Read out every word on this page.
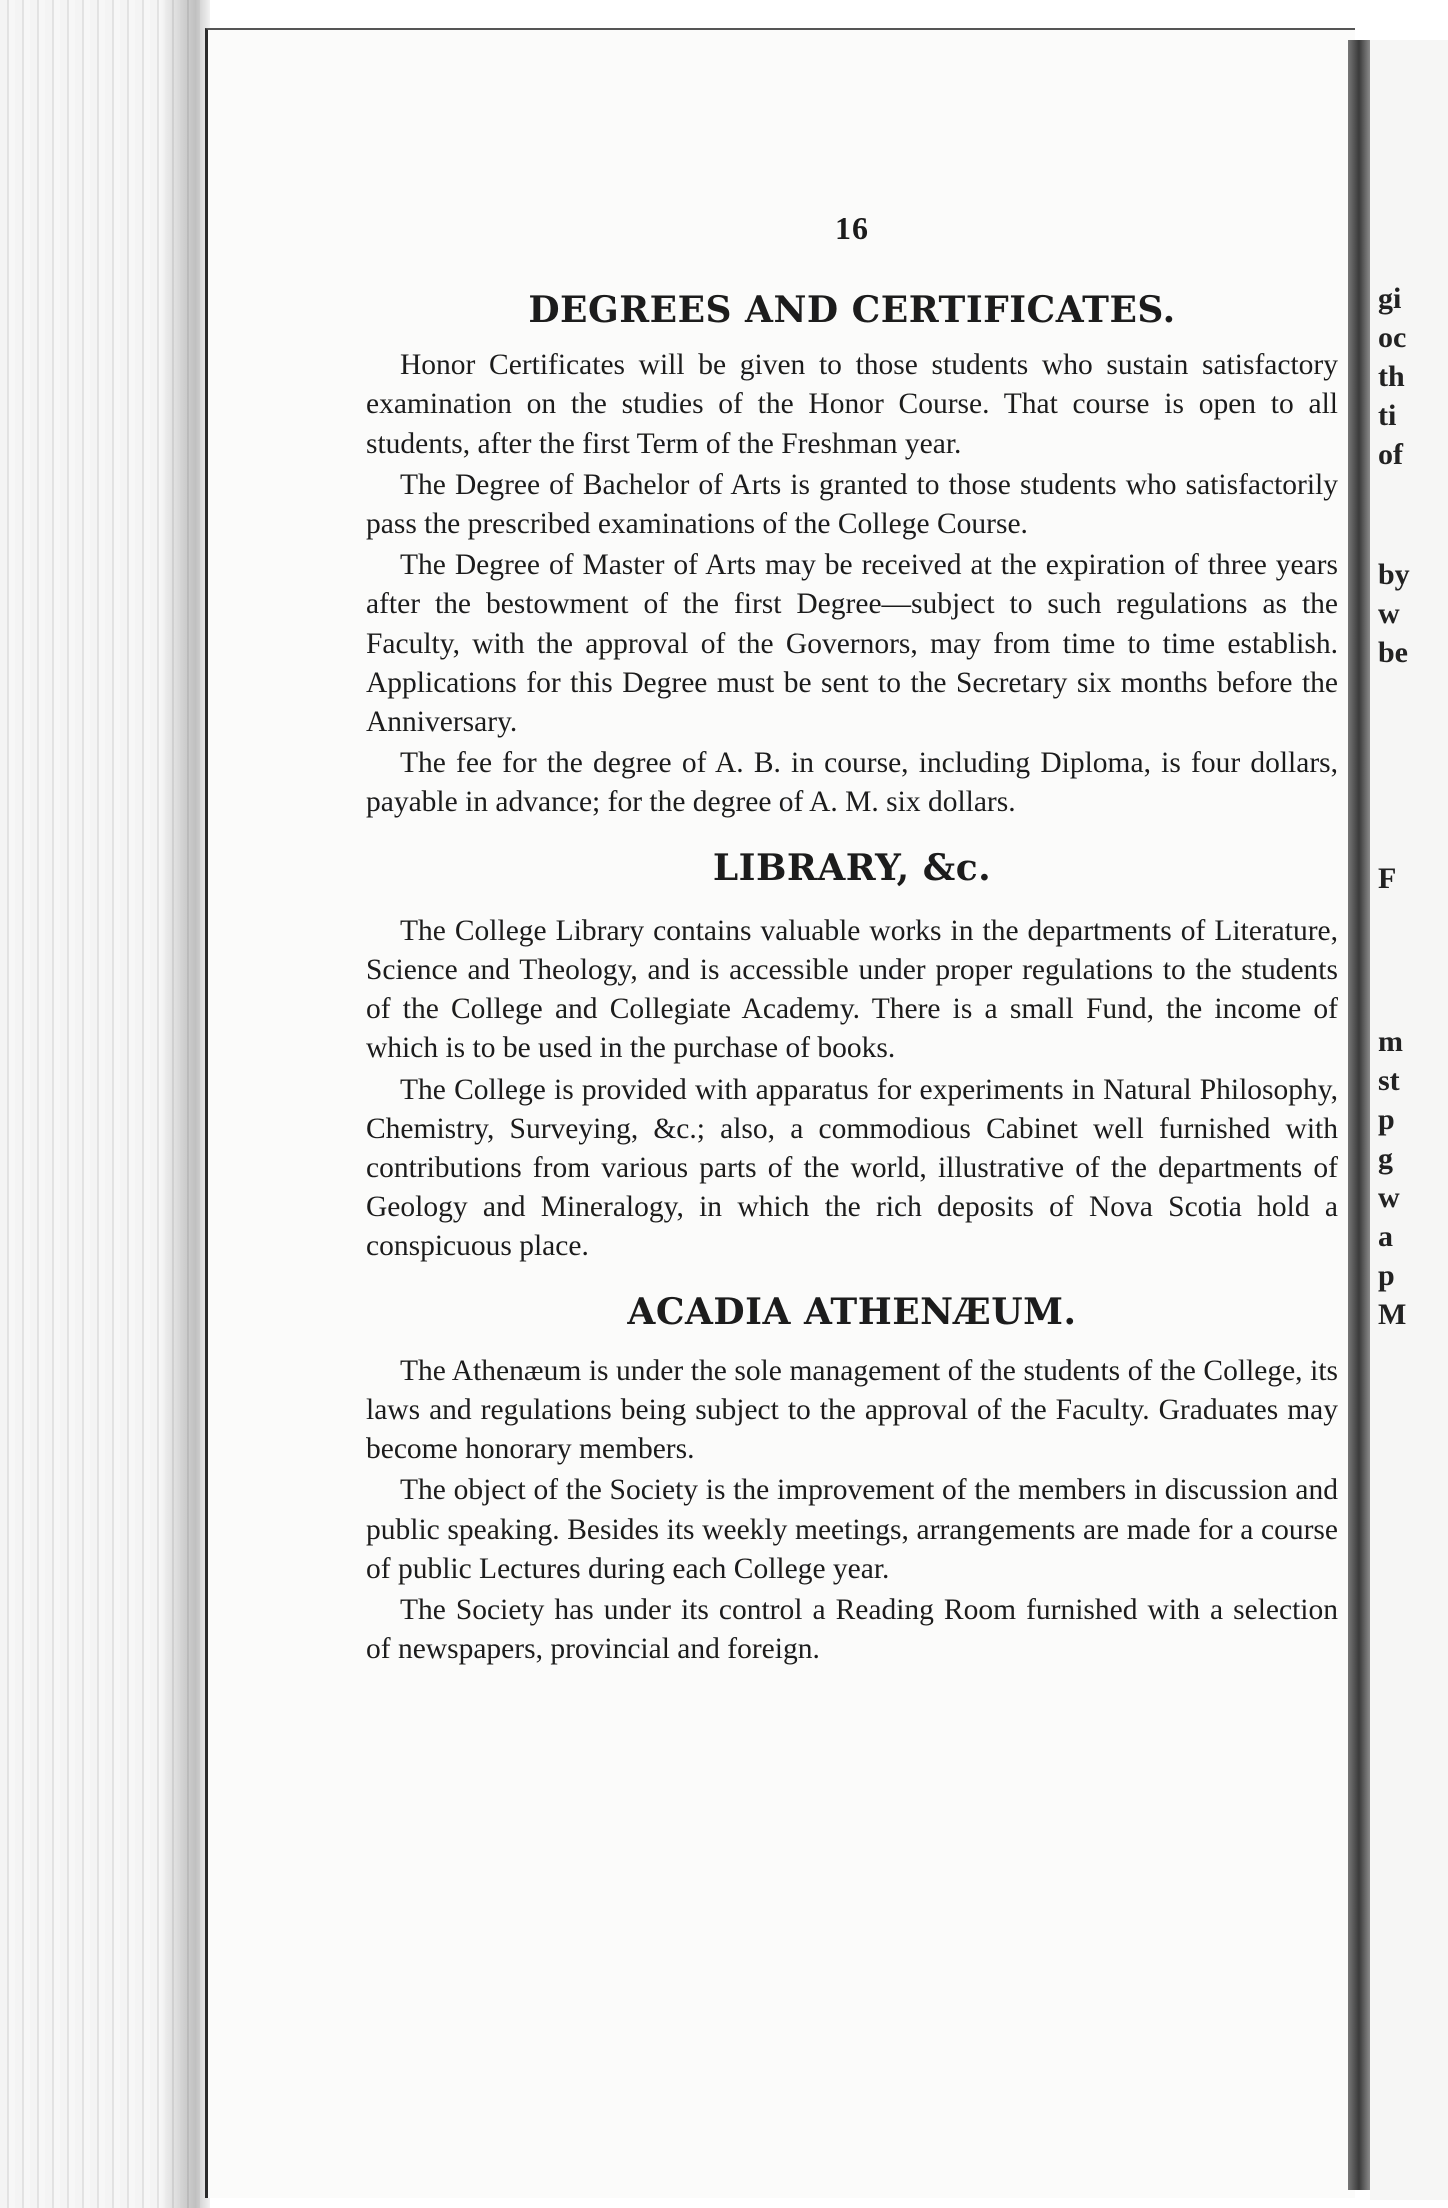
gi
oc
th
ti
of
by
w
be
F
m
st
p
g
w
a
p
M
16
DEGREES AND CERTIFICATES.

Honor Certificates will be given to those students who sustain satisfactory examination on the studies of the Honor Course. That course is open to all students, after the first Term of the Freshman year.

The Degree of Bachelor of Arts is granted to those students who satisfactorily pass the prescribed examinations of the College Course.

The Degree of Master of Arts may be received at the expiration of three years after the bestowment of the first Degree—subject to such regulations as the Faculty, with the approval of the Governors, may from time to time establish. Applications for this Degree must be sent to the Secretary six months before the Anniversary.

The fee for the degree of A. B. in course, including Diploma, is four dollars, payable in advance; for the degree of A. M. six dollars.

LIBRARY, &c.

The College Library contains valuable works in the departments of Literature, Science and Theology, and is accessible under proper regulations to the students of the College and Collegiate Academy. There is a small Fund, the income of which is to be used in the purchase of books.

The College is provided with apparatus for experiments in Natural Philosophy, Chemistry, Surveying, &c.; also, a commodious Cabinet well furnished with contributions from various parts of the world, illustrative of the departments of Geology and Mineralogy, in which the rich deposits of Nova Scotia hold a conspicuous place.

ACADIA ATHENÆUM.

The Athenæum is under the sole management of the students of the College, its laws and regulations being subject to the approval of the Faculty. Graduates may become honorary members.

The object of the Society is the improvement of the members in discussion and public speaking. Besides its weekly meetings, arrangements are made for a course of public Lectures during each College year.

The Society has under its control a Reading Room furnished with a selection of newspapers, provincial and foreign.
